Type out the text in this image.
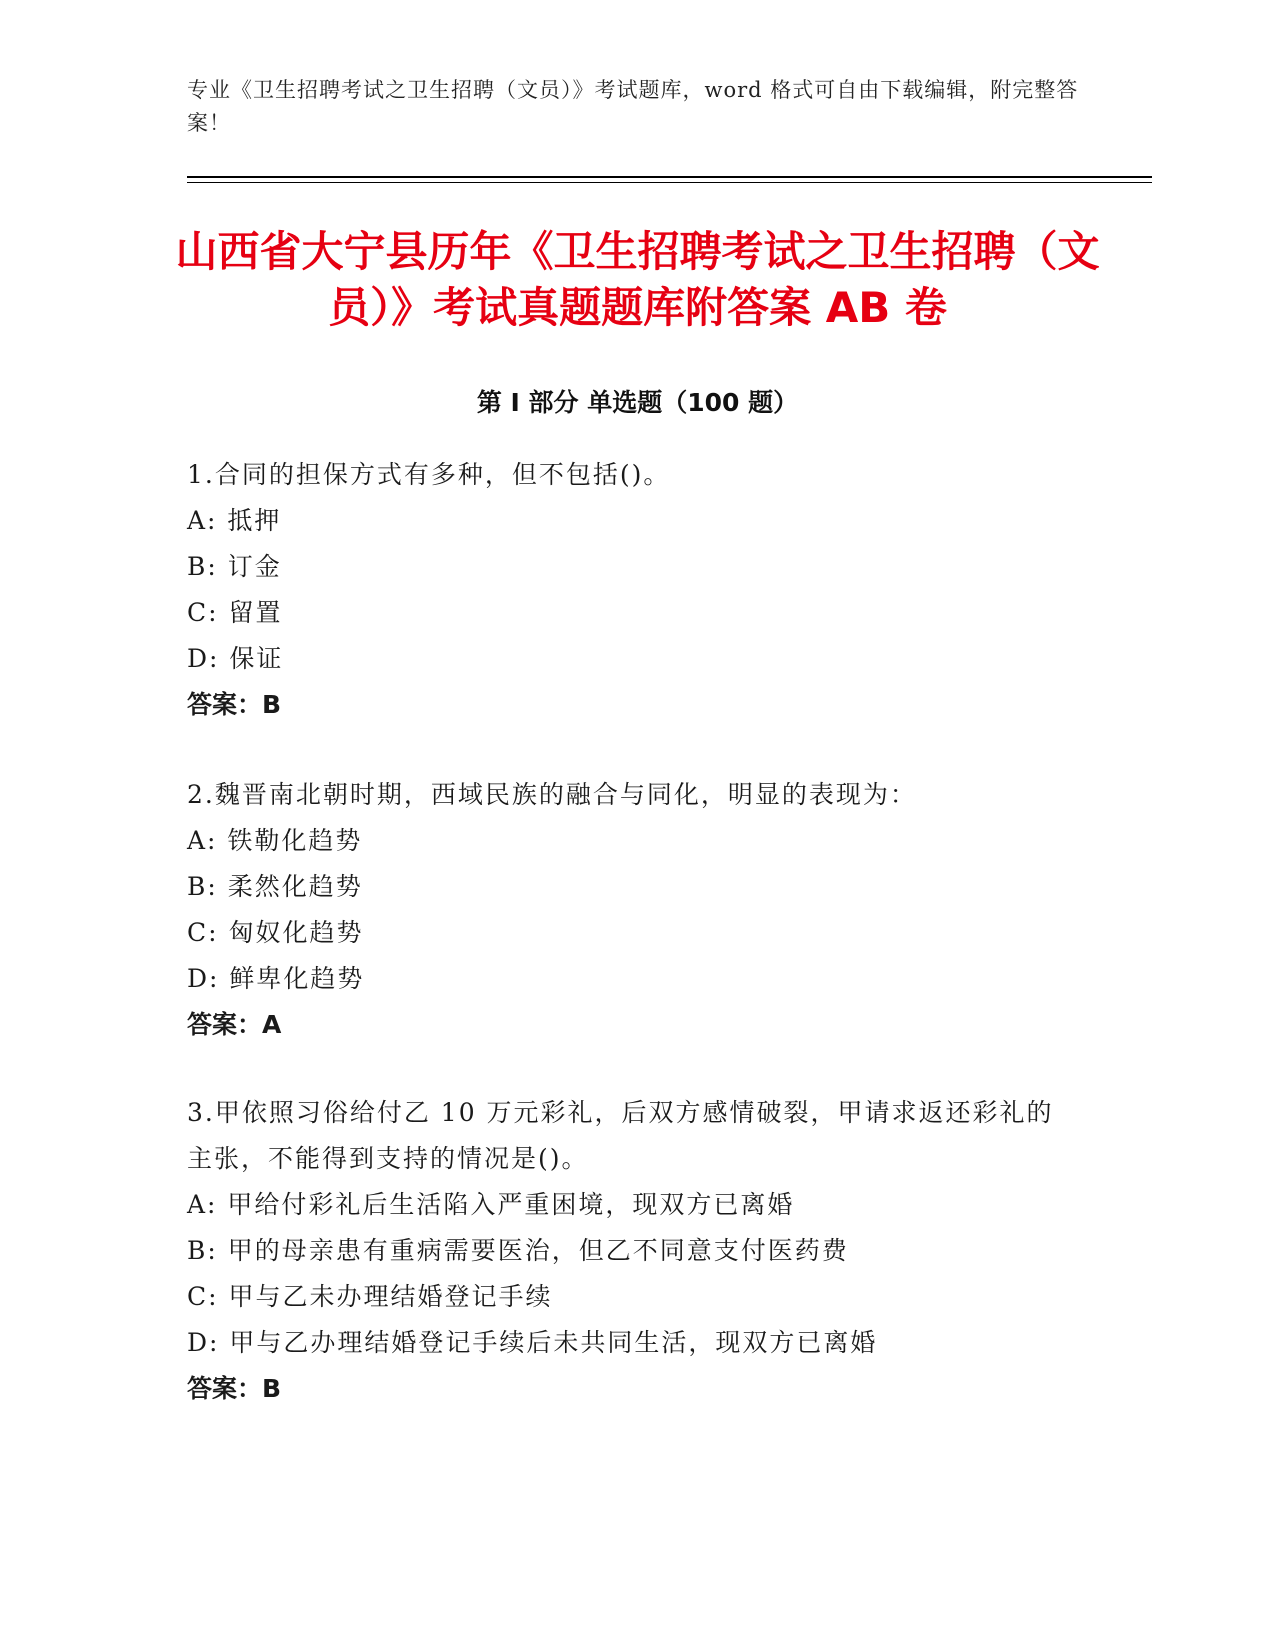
专业《卫生招聘考试之卫生招聘（文员）》考试题库，word 格式可自由下载编辑，附完整答案！
山西省大宁县历年《卫生招聘考试之卫生招聘（文员）》考试真题题库附答案 AB 卷
第 I 部分 单选题（100 题）

1.合同的担保方式有多种，但不包括()。

A: 抵押

B: 订金

C: 留置

D: 保证

答案：B

2.魏晋南北朝时期，西域民族的融合与同化，明显的表现为：

A: 铁勒化趋势

B: 柔然化趋势

C: 匈奴化趋势

D: 鲜卑化趋势

答案：A

3.甲依照习俗给付乙 10 万元彩礼，后双方感情破裂，甲请求返还彩礼的主张，不能得到支持的情况是()。

A: 甲给付彩礼后生活陷入严重困境，现双方已离婚

B: 甲的母亲患有重病需要医治，但乙不同意支付医药费

C: 甲与乙未办理结婚登记手续

D: 甲与乙办理结婚登记手续后未共同生活，现双方已离婚

答案：B
